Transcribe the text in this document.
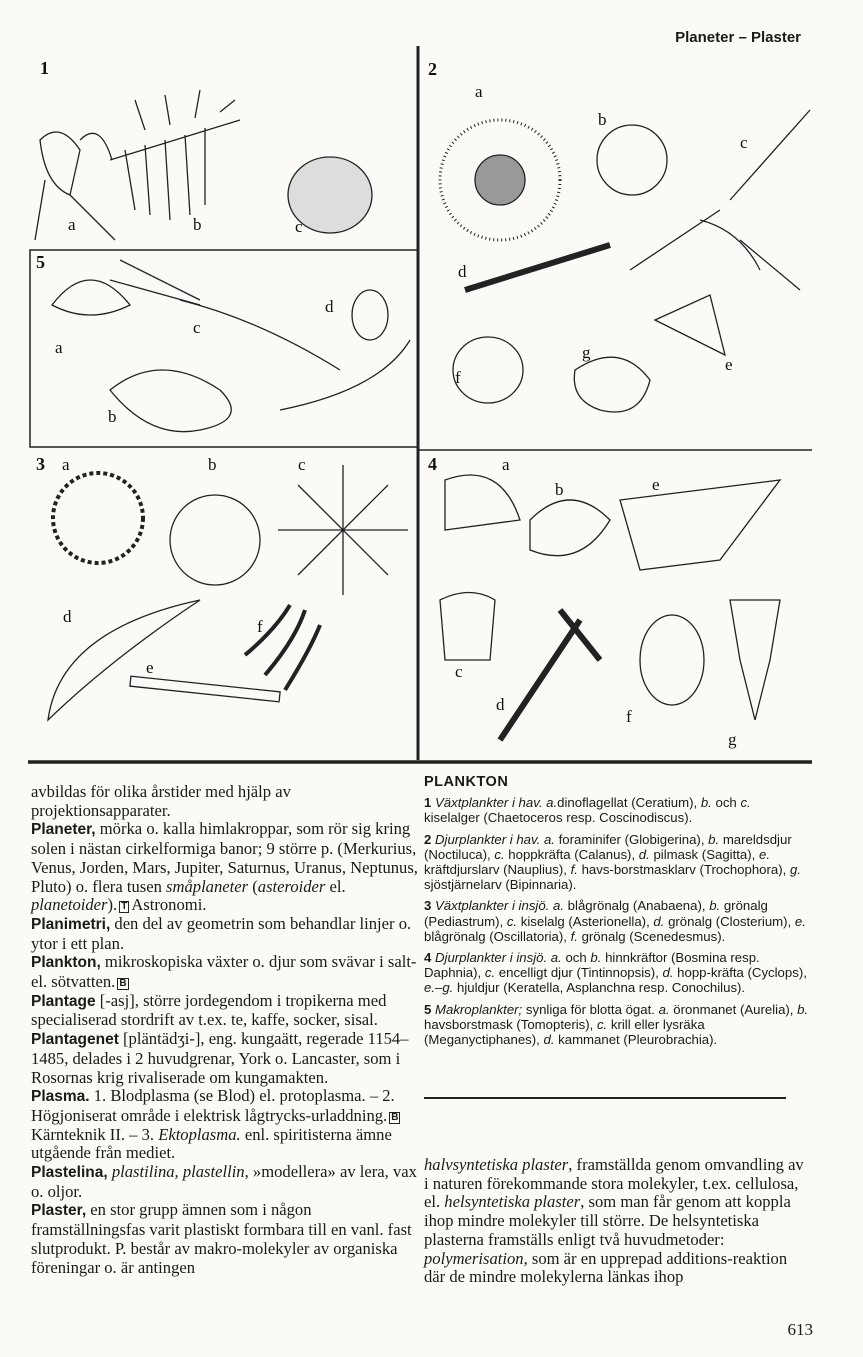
Planeter – Plaster
1
a	b	c
5
a
b
c
d
3 a	b	c
d
e
f
2
a
b
c
d
e
f
g
4	a
b
c
d
e
f
g

avbildas för olika årstider med hjälp av projektionsapparater.

Planeter, mörka o. kalla himlakroppar, som rör sig kring solen i nästan cirkelformiga banor; 9 större p. (Merkurius, Venus, Jorden, Mars, Jupiter, Saturnus, Uranus, Neptunus, Pluto) o. flera tusen småplaneter (asteroider el. planetoider). T Astronomi.

Planimetri, den del av geometrin som behandlar linjer o. ytor i ett plan.

Plankton, mikroskopiska växter o. djur som svävar i salt- el. sötvatten. B

Plantage [-asj], större jordegendom i tropikerna med specialiserad stordrift av t.ex. te, kaffe, socker, sisal.

Plantagenet [pläntädʒi-], eng. kungaätt, regerade 1154–1485, delades i 2 huvudgrenar, York o. Lancaster, som i Rosornas krig rivaliserade om kungamakten.

Plasma. 1. Blodplasma (se Blod) el. protoplasma. – 2. Högjoniserat område i elektrisk lågtrycks-urladdning. BKärnteknik II. – 3. Ektoplasma. enl. spiritisterna ämne utgående från mediet.

Plastelina, plastilina, plastellin, »modellera» av lera, vax o. oljor.

Plaster, en stor grupp ämnen som i någon framställningsfas varit plastiskt formbara till en vanl. fast slutprodukt. P. består av makro-molekyler av organiska föreningar o. är antingen

PLANKTON

1 Växtplankter i hav. a.dinoflagellat (Ceratium), b. och c. kiselalger (Chaetoceros resp. Coscinodiscus).

2 Djurplankter i hav. a. foraminifer (Globigerina), b. mareldsdjur (Noctiluca), c. hoppkräfta (Calanus), d. pilmask (Sagitta), e. kräftdjurslarv (Nauplius), f. havs-borstmasklarv (Trochophora), g. sjöstjärnelarv (Bipinnaria).

3 Växtplankter i insjö. a. blågrönalg (Anabaena), b. grönalg (Pediastrum), c. kiselalg (Asterionella), d. grönalg (Closterium), e. blågrönalg (Oscillatoria), f. grönalg (Scenedesmus).

4 Djurplankter i insjö. a. och b. hinnkräftor (Bosmina resp. Daphnia), c. encelligt djur (Tintinnopsis), d. hopp-kräfta (Cyclops), e.–g. hjuldjur (Keratella, Asplanchna resp. Conochilus).

5 Makroplankter; synliga för blotta ögat. a. öronmanet (Aurelia), b. havsborstmask (Tomopteris), c. krill eller lysräka (Meganyctiphanes), d. kammanet (Pleurobrachia).

halvsyntetiska plaster, framställda genom omvandling av i naturen förekommande stora molekyler, t.ex. cellulosa, el. helsyntetiska plaster, som man får genom att koppla ihop mindre molekyler till större. De helsyntetiska plasterna framställs enligt två huvudmetoder: polymerisation, som är en upprepad additions-reaktion där de mindre molekylerna länkas ihop

613
